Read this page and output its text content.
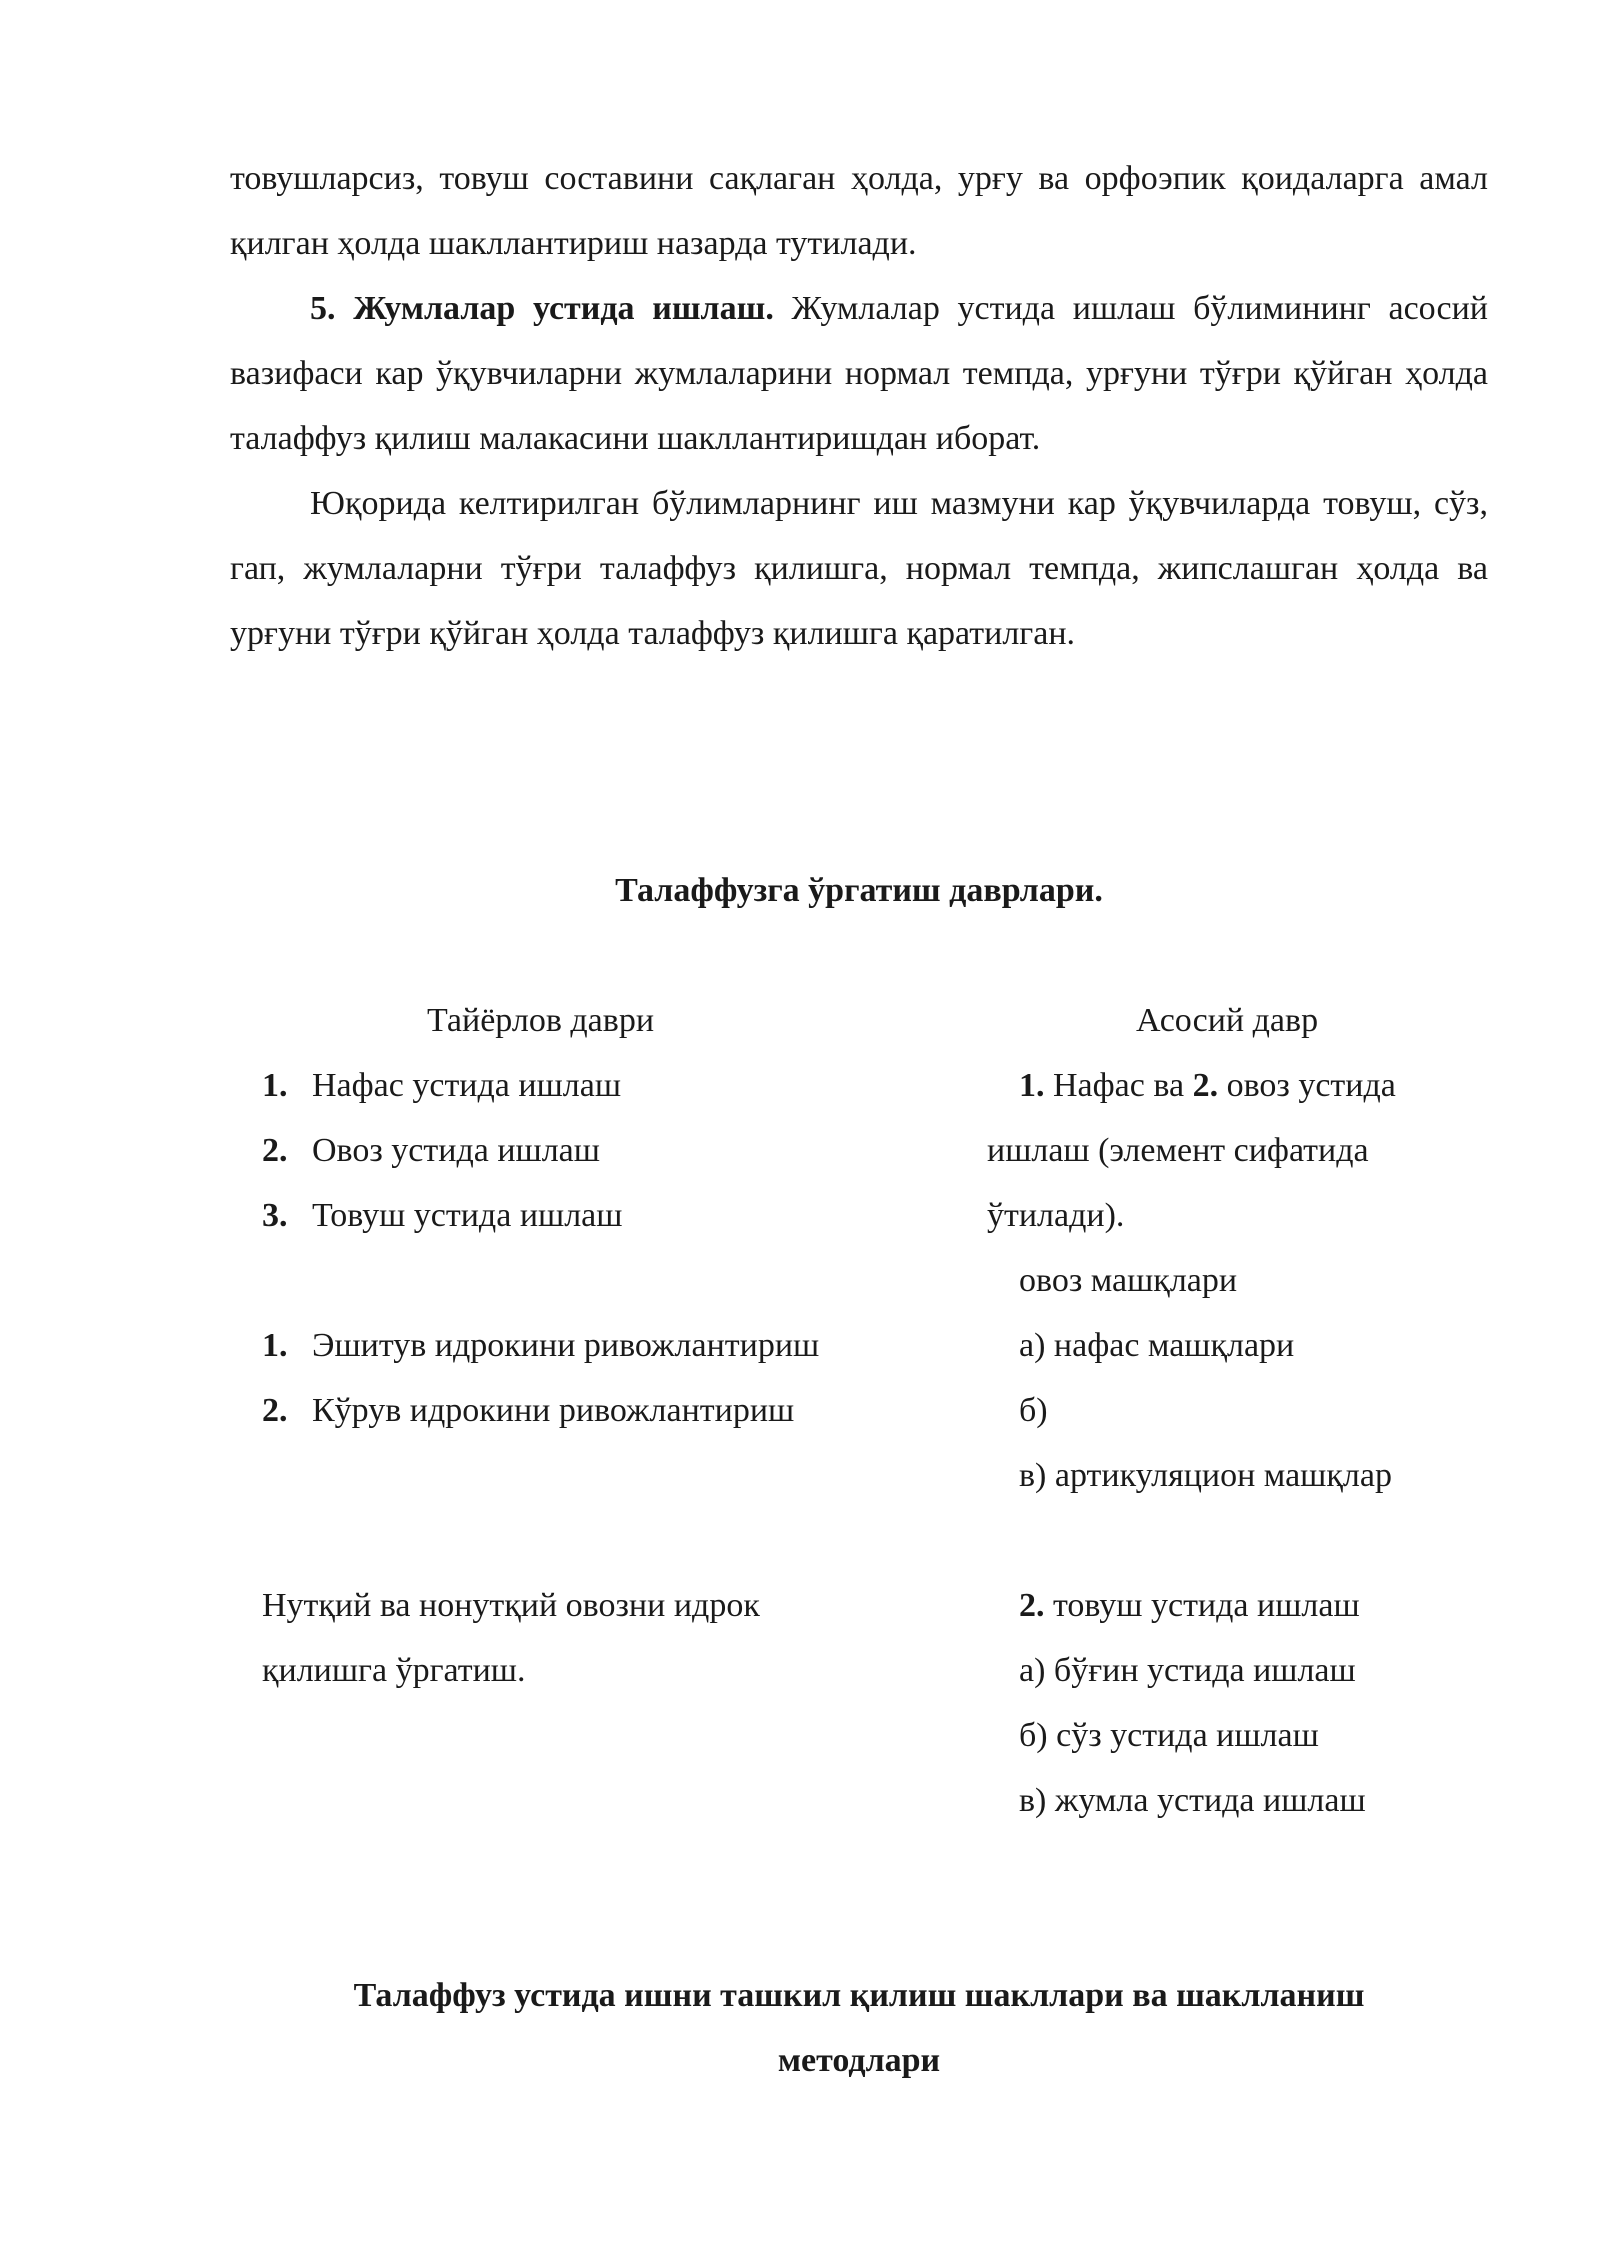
товушларсиз, товуш составини сақлаган ҳолда, урғу ва орфоэпик қоидаларга амал қилган ҳолда шакллантириш назарда тутилади.

5. Жумлалар устида ишлаш. Жумлалар устида ишлаш бўлимининг асосий вазифаси кар ўқувчиларни жумлаларини нормал темпда, урғуни тўғри қўйган ҳолда талаффуз қилиш малакасини шакллантиришдан иборат.

Юқорида келтирилган бўлимларнинг иш мазмуни кар ўқувчиларда товуш, сўз, гап, жумлаларни тўғри талаффуз қилишга, нормал темпда, жипслашган ҳолда ва урғуни тўғри қўйган ҳолда талаффуз қилишга қаратилган.

Талаффузга ўргатиш даврлари.

Тайёрлов даври	Асосий давр

1. Нафас устида ишлаш
2. Овоз устида ишлаш
3. Товуш устида ишлаш
1. Эшитув идрокини ривожлантириш
2. Кўрув идрокини ривожлантириш

Нутқий ва нонутқий овозни идрок

қилишга ўргатиш.

1. Нафас ва 2. овоз устида

ишлаш (элемент сифатида

ўтилади).

овоз машқлари

а) нафас машқлари

б)

в) артикуляцион машқлар

2. товуш устида ишлаш

а) бўғин устида ишлаш

б) сўз устида ишлаш

в) жумла устида ишлаш

Талаффуз устида ишни ташкил қилиш шакллари ва шаклланиш

методлари
